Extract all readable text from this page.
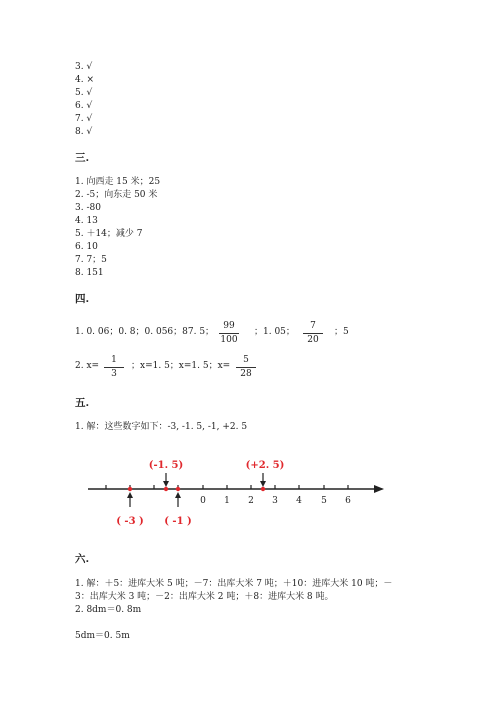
3. √
4. ×
5. √
6. √
7. √
8. √
三.
1. 向西走 15 米；25
2. -5；向东走 50 米
3. -80
4. 13
5. ＋14；减少 7
6. 10
7. 7；5
8. 151
四.
1. 0. 06；0. 8；0. 056；87. 5；
99
100
；1. 05；
7
20
；5
2. x=
1
3
；x=1. 5；x=1. 5；x=
5
28
五.
1. 解：这些数字如下：-3, -1. 5, -1, +2. 5
0 1 2 3 4 5 6
(-1. 5)	(+2. 5)
( -3 ) ( -1 )
六.
1. 解：＋5：进库大米 5 吨；－7：出库大米 7 吨；＋10：进库大米 10 吨；－
3：出库大米 3 吨；－2：出库大米 2 吨；＋8：进库大米 8 吨。
2. 8dm＝0. 8m
5dm＝0. 5m
